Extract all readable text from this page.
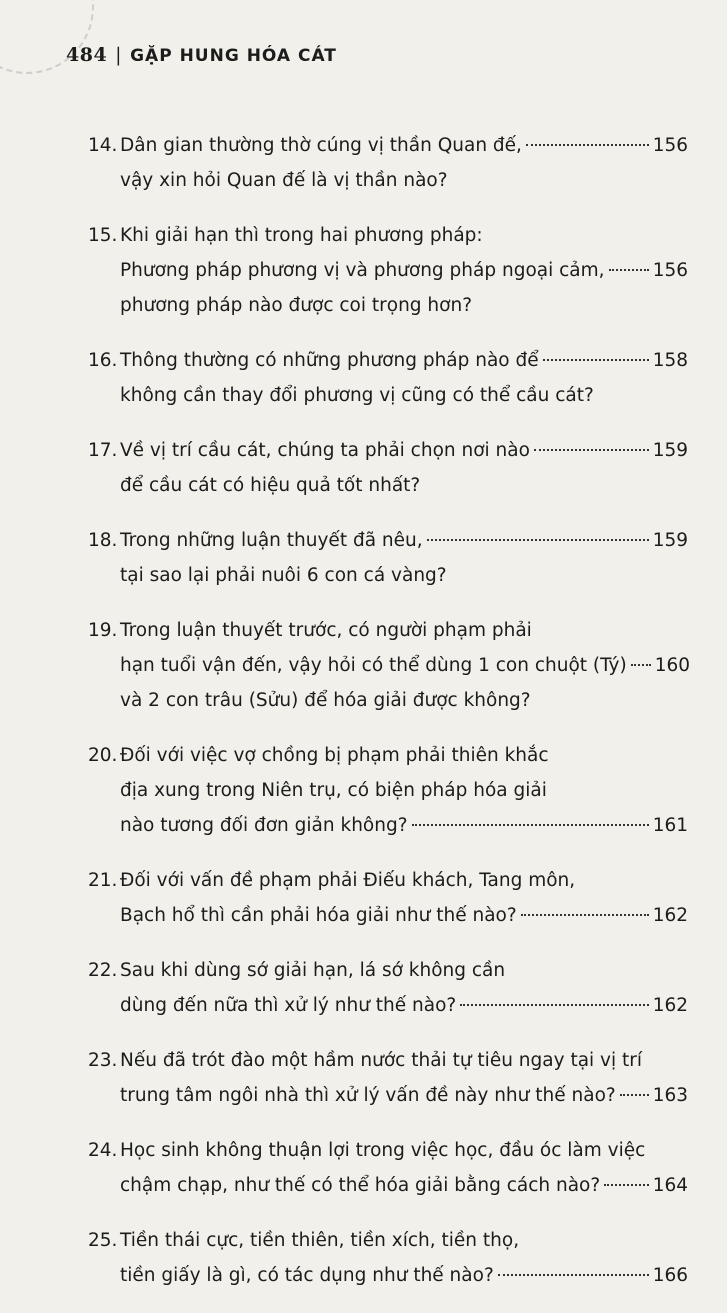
484 | GẶP HUNG HÓA CÁT
14. Dân gian thường thờ cúng vị thần Quan đế,	156
vậy xin hỏi Quan đế là vị thần nào?
15. Khi giải hạn thì trong hai phương pháp:
Phương pháp phương vị và phương pháp ngoại cảm,	156
phương pháp nào được coi trọng hơn?
16. Thông thường có những phương pháp nào để	158
không cần thay đổi phương vị cũng có thể cầu cát?
17. Về vị trí cầu cát, chúng ta phải chọn nơi nào	159
để cầu cát có hiệu quả tốt nhất?
18. Trong những luận thuyết đã nêu,	159
tại sao lại phải nuôi 6 con cá vàng?
19. Trong luận thuyết trước, có người phạm phải
hạn tuổi vận đến, vậy hỏi có thể dùng 1 con chuột (Tý) 160
và 2 con trâu (Sửu) để hóa giải được không?
20. Đối với việc vợ chồng bị phạm phải thiên khắc
địa xung trong Niên trụ, có biện pháp hóa giải
nào tương đối đơn giản không?	161
21. Đối với vấn đề phạm phải Điếu khách, Tang môn,
Bạch hổ thì cần phải hóa giải như thế nào?	162
22. Sau khi dùng sớ giải hạn, lá sớ không cần
dùng đến nữa thì xử lý như thế nào?	162
23. Nếu đã trót đào một hầm nước thải tự tiêu ngay tại vị trí
trung tâm ngôi nhà thì xử lý vấn đề này như thế nào? 163
24. Học sinh không thuận lợi trong việc học, đầu óc làm việc
chậm chạp, như thế có thể hóa giải bằng cách nào?	164
25. Tiền thái cực, tiền thiên, tiền xích, tiền thọ,
tiền giấy là gì, có tác dụng như thế nào?	166
